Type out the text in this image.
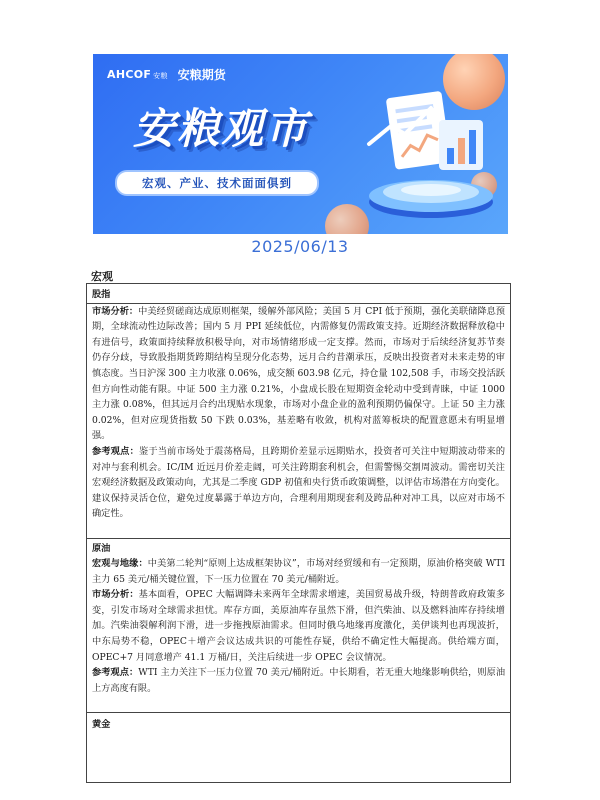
AHCOF 安粮 安粮期货
安粮观市
宏观、产业、技术面面俱到
2025/06/13
宏观

股指

市场分析：中美经贸磋商达成原则框架，缓解外部风险；美国 5 月 CPI 低于预期，强化美联储降息预期，全球流动性边际改善；国内 5 月 PPI 延续低位，内需修复仍需政策支持。近期经济数据释放稳中有进信号，政策面持续释放积极导向，对市场情绪形成一定支撑。然而，市场对于后续经济复苏节奏仍存分歧，导致股指期货跨期结构呈现分化态势，远月合约昔潮承压，反映出投资者对未来走势的审慎态度。当日沪深 300 主力收涨 0.06%，成交额 603.98 亿元，持仓量 102,508 手，市场交投活跃但方向性动能有限。中证 500 主力涨 0.21%，小盘成长股在短期资金轮动中受到青睐，中证 1000 主力涨 0.08%，但其远月合约出现贴水现象，市场对小盘企业的盈利预期仍偏保守。上证 50 主力涨 0.02%，但对应现货指数 50 下跌 0.03%，基差略有收敛，机构对蓝筹板块的配置意愿未有明显增强。

参考观点：鉴于当前市场处于震荡格局，且跨期价差显示远期贴水，投资者可关注中短期波动带来的对冲与套利机会。IC/IM 近远月价差走阔，可关注跨期套利机会，但需警惕交割周波动。需密切关注宏观经济数据及政策动向，尤其是二季度 GDP 初值和央行货币政策调整，以评估市场潜在方向变化。建议保持灵活仓位，避免过度暴露于单边方向，合理利用期现套利及跨品种对冲工具，以应对市场不确定性。

原油

宏观与地缘：中美第二轮判“原则上达成框架协议”，市场对经贸缓和有一定预期，原油价格突破 WTI 主力 65 美元/桶关键位置，下一压力位置在 70 美元/桶附近。

市场分析：基本面看，OPEC 大幅调降未来两年全球需求增速，美国贸易战升级，特朗普政府政策多变，引发市场对全球需求担忧。库存方面，美原油库存虽然下滑，但汽柴油、以及燃料油库存持续增加。汽柴油裂解利润下滑，进一步拖拽原油需求。但同时俄乌地缘再度激化，美伊谈判也再现波折，中东局势不稳，OPEC＋增产会议达成共识的可能性存疑，供给不确定性大幅提高。供给端方面，OPEC+7 月同意增产 41.1 万桶/日，关注后续进一步 OPEC 会议情况。

参考观点：WTI 主力关注下一压力位置 70 美元/桶附近。中长期看，若无重大地缘影响供给，则原油上方高度有限。

黄金
